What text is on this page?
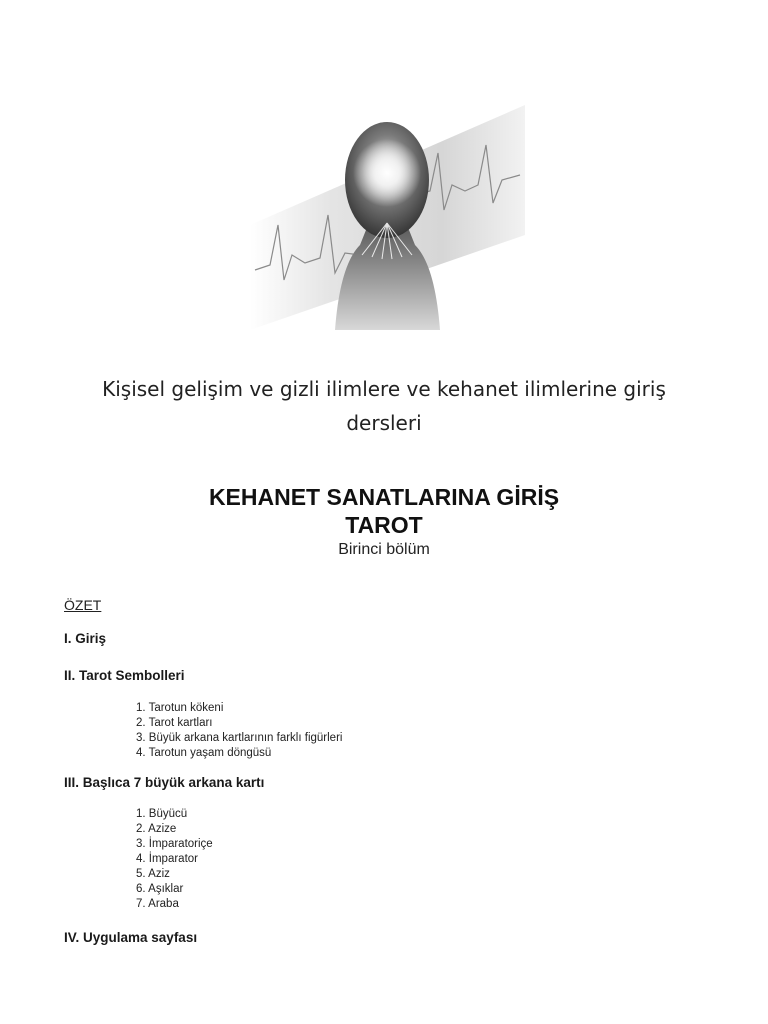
Kişisel gelişim ve gizli ilimlere ve kehanet ilimlerine giriş
dersleri
KEHANET SANATLARINA GİRİŞ
TAROT
Birinci bölüm
ÖZET
I. Giriş
II. Tarot Sembolleri
1. Tarotun kökeni
2. Tarot kartları
3. Büyük arkana kartlarının farklı figürleri
4. Tarotun yaşam döngüsü
III. Başlıca 7 büyük arkana kartı
1. Büyücü
2. Azize
3. İmparatoriçe
4. İmparator
5. Aziz
6. Aşıklar
7. Araba
IV. Uygulama sayfası
